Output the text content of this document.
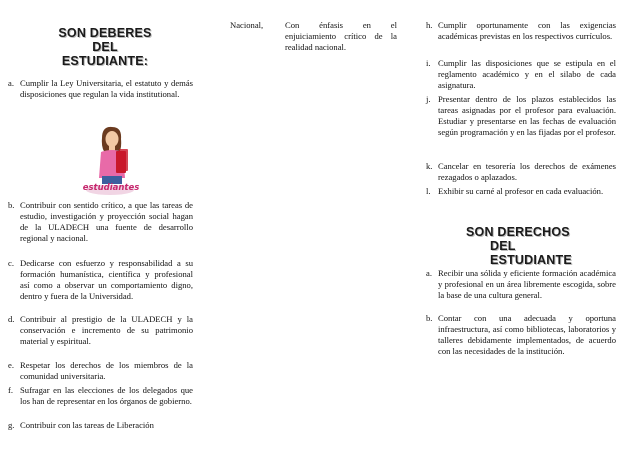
SON DEBERES
DEL
ESTUDIANTE:
a. Cumplir la Ley Universitaria, el estatuto y demás disposiciones que regulan la vida institutional.
estudiantes
b. Contribuir con sentido crítico, a que las tareas de estudio, investigación y proyección social hagan de la ULADECH una fuente de desarrollo regional y nacional.
c. Dedicarse con esfuerzo y responsabilidad a su formación humanística, científica y profesional así como a observar un comportamiento digno, dentro y fuera de la Universidad.
d. Contribuir al prestigio de la ULADECH y la conservación e incremento de su patrimonio material y espiritual.
e. Respetar los derechos de los miembros de la comunidad universitaria.
f. Sufragar en las elecciones de los delegados que los han de representar en los órganos de gobierno.
g. Contribuir con las tareas de Liberación
Nacional,	Con énfasis en el enjuiciamiento crítico de la realidad nacional.
h. Cumplir oportunamente con las exigencias académicas previstas en los respectivos currículos.
i. Cumplir las disposiciones que se estipula en el reglamento académico y en el silabo de cada asignatura.
j. Presentar dentro de los plazos establecidos las tareas asignadas por el profesor para evaluación. Estudiar y presentarse en las fechas de evaluación según programación y en las fijadas por el profesor.
k. Cancelar en tesorería los derechos de exámenes rezagados o aplazados.
l. Exhibir su carné al profesor en cada evaluación.
SON DERECHOS
DEL
ESTUDIANTE
a. Recibir una sólida y eficiente formación académica y profesional en un área libremente escogida, sobre la base de una cultura general.
b. Contar con una adecuada y oportuna infraestructura, así como bibliotecas, laboratorios y talleres debidamente implementados, de acuerdo con las necesidades de la institución.
